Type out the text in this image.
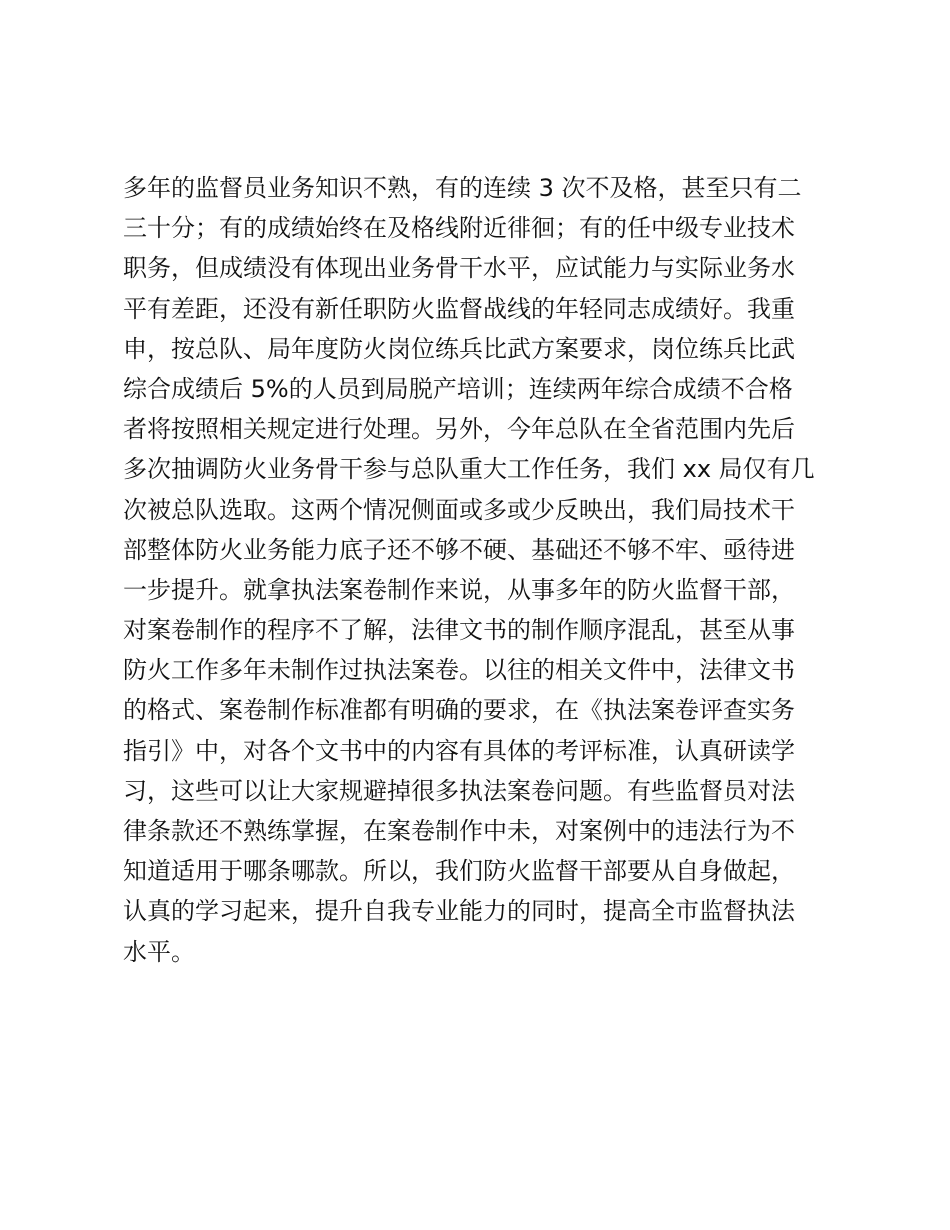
多年的监督员业务知识不熟，有的连续 3 次不及格，甚至只有二
三十分；有的成绩始终在及格线附近徘徊；有的任中级专业技术
职务，但成绩没有体现出业务骨干水平，应试能力与实际业务水
平有差距，还没有新任职防火监督战线的年轻同志成绩好。我重
申，按总队、局年度防火岗位练兵比武方案要求，岗位练兵比武
综合成绩后 5%的人员到局脱产培训；连续两年综合成绩不合格
者将按照相关规定进行处理。另外，今年总队在全省范围内先后
多次抽调防火业务骨干参与总队重大工作任务，我们 xx 局仅有几
次被总队选取。这两个情况侧面或多或少反映出，我们局技术干
部整体防火业务能力底子还不够不硬、基础还不够不牢、亟待进
一步提升。就拿执法案卷制作来说，从事多年的防火监督干部，
对案卷制作的程序不了解，法律文书的制作顺序混乱，甚至从事
防火工作多年未制作过执法案卷。以往的相关文件中，法律文书
的格式、案卷制作标准都有明确的要求，在《执法案卷评查实务
指引》中，对各个文书中的内容有具体的考评标准，认真研读学
习，这些可以让大家规避掉很多执法案卷问题。有些监督员对法
律条款还不熟练掌握，在案卷制作中未，对案例中的违法行为不
知道适用于哪条哪款。所以，我们防火监督干部要从自身做起，
认真的学习起来，提升自我专业能力的同时，提高全市监督执法
水平。
